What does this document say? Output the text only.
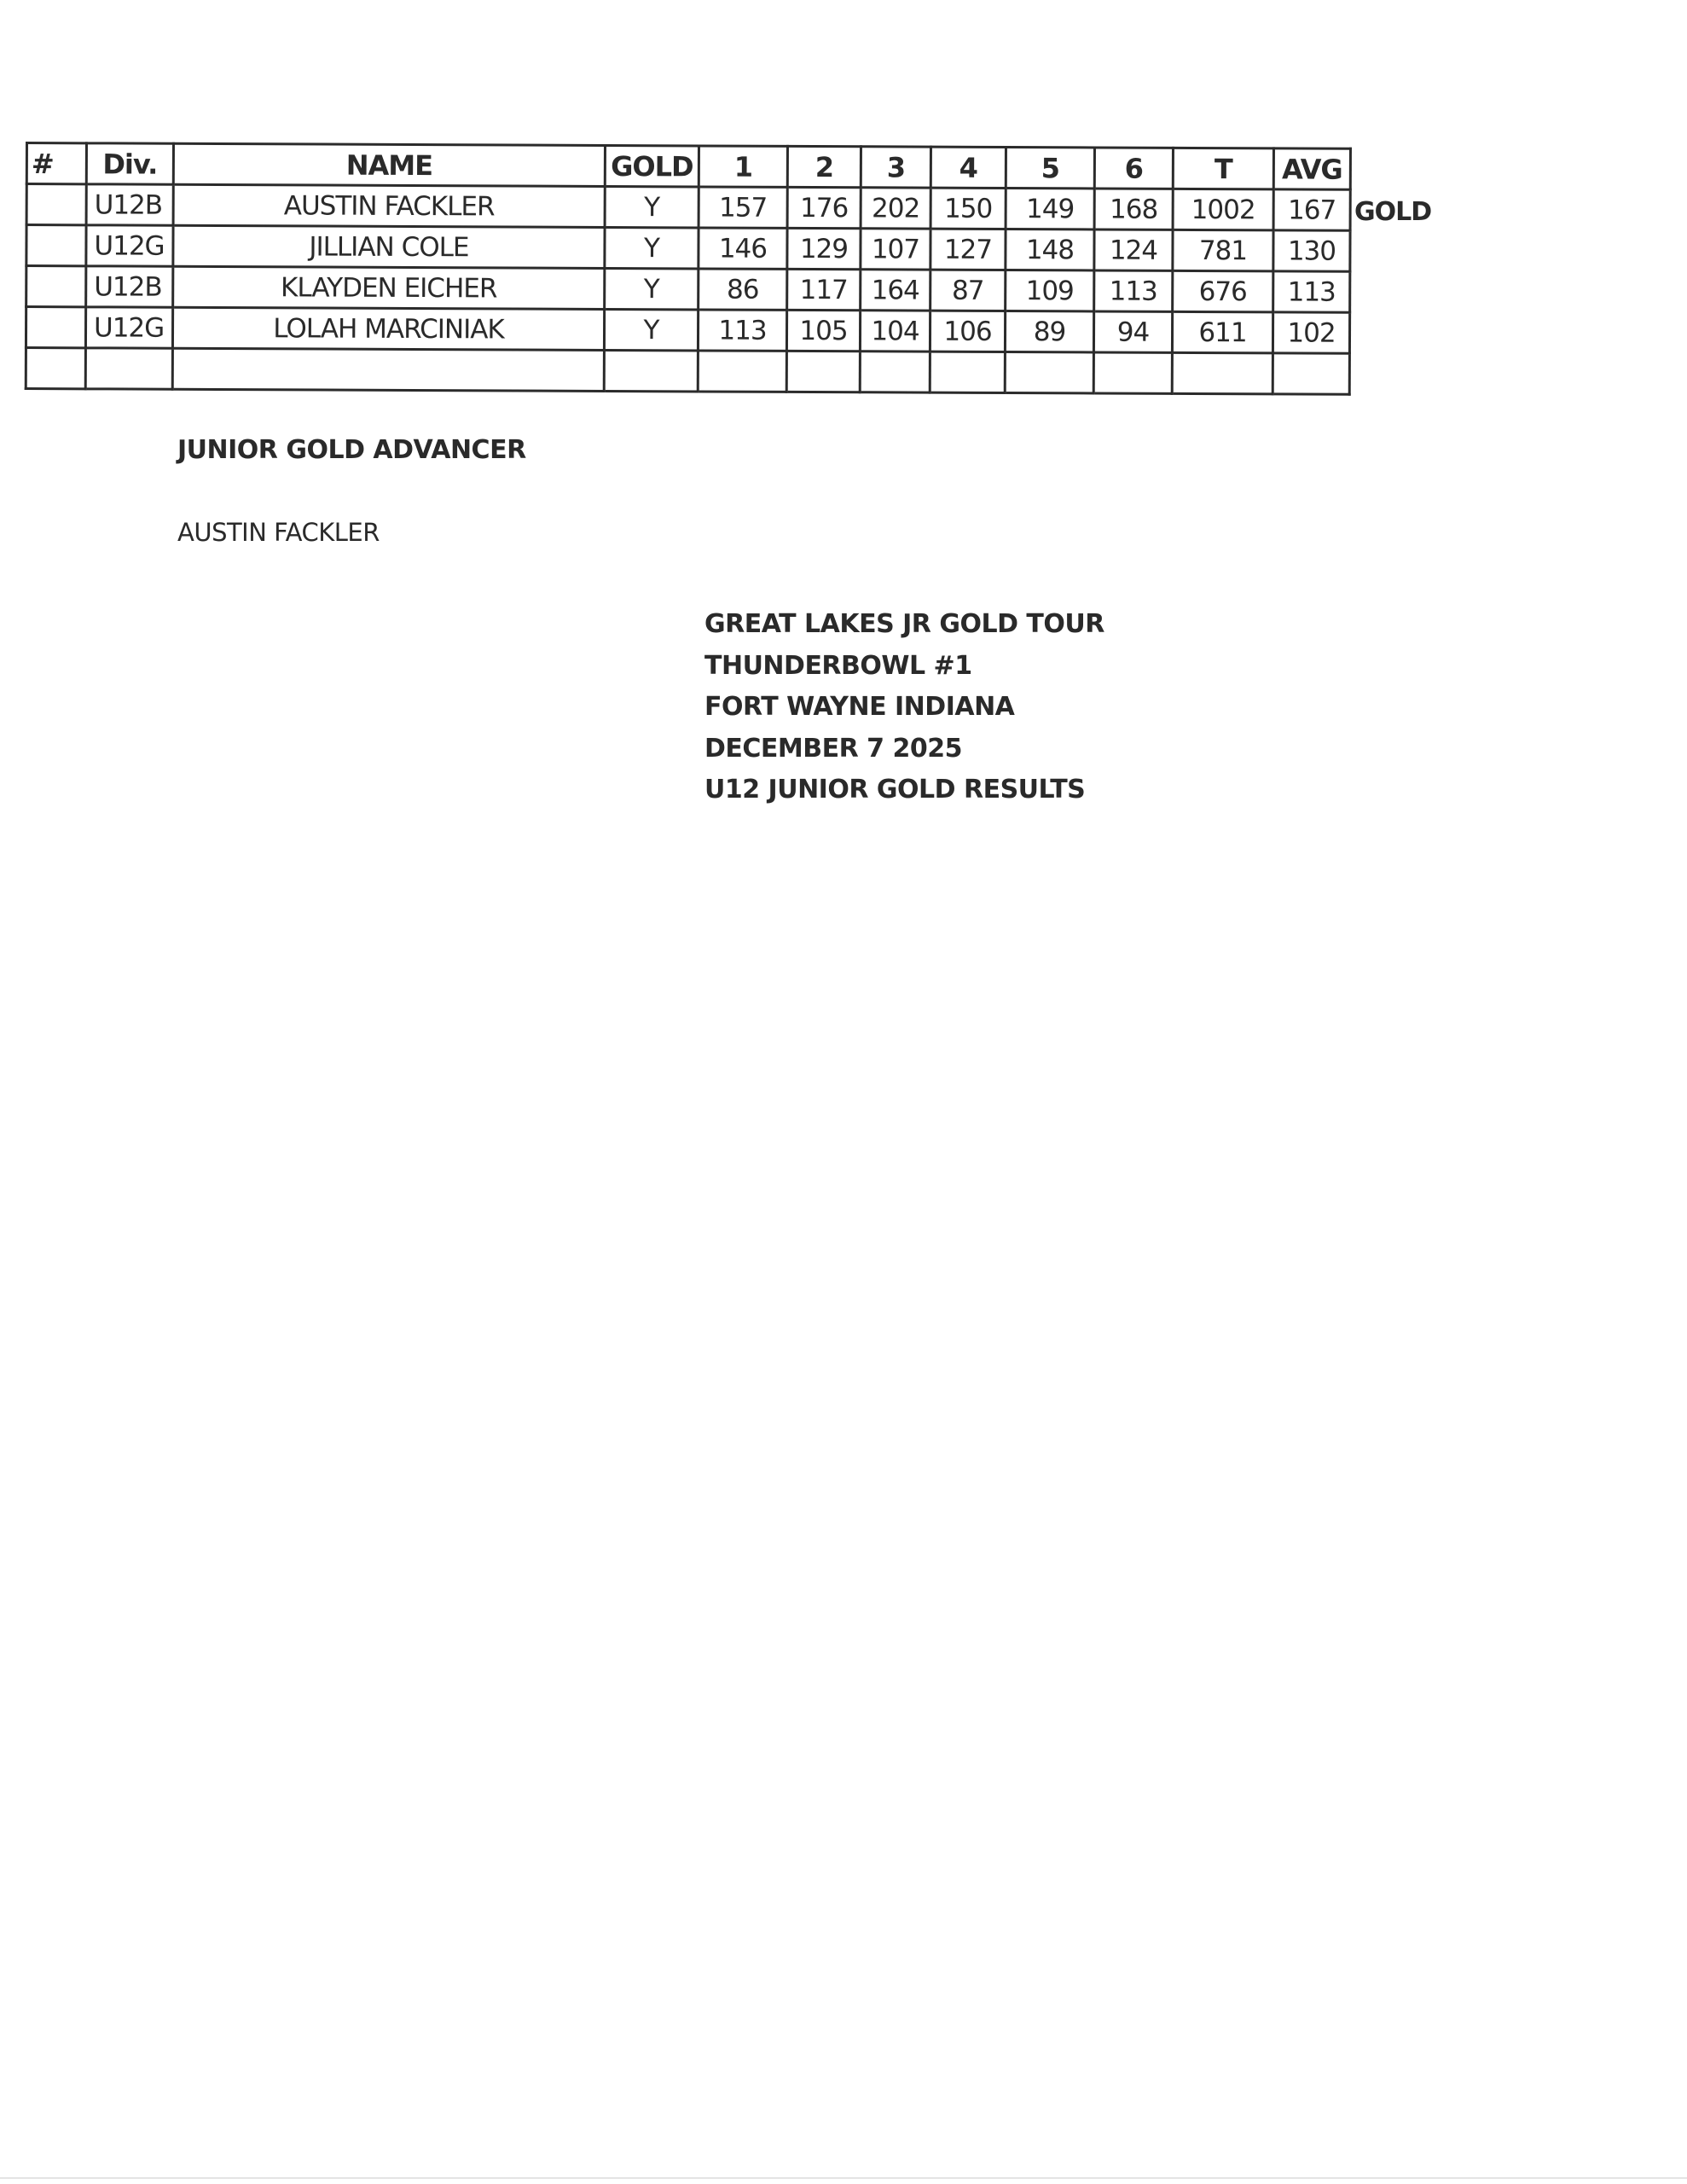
#	Div.	NAME	GOLD	1	2	3	4	5	6	T	AVG
	U12B	AUSTIN FACKLER	Y	157	176	202	150	149	168	1002	167
	U12G	JILLIAN COLE	Y	146	129	107	127	148	124	781	130
	U12B	KLAYDEN EICHER	Y	86	117	164	87	109	113	676	113
	U12G	LOLAH MARCINIAK	Y	113	105	104	106	89	94	611	102

GOLD
JUNIOR GOLD ADVANCER
AUSTIN FACKLER
GREAT LAKES JR GOLD TOUR
THUNDERBOWL #1
FORT WAYNE INDIANA
DECEMBER 7 2025
U12 JUNIOR GOLD RESULTS
